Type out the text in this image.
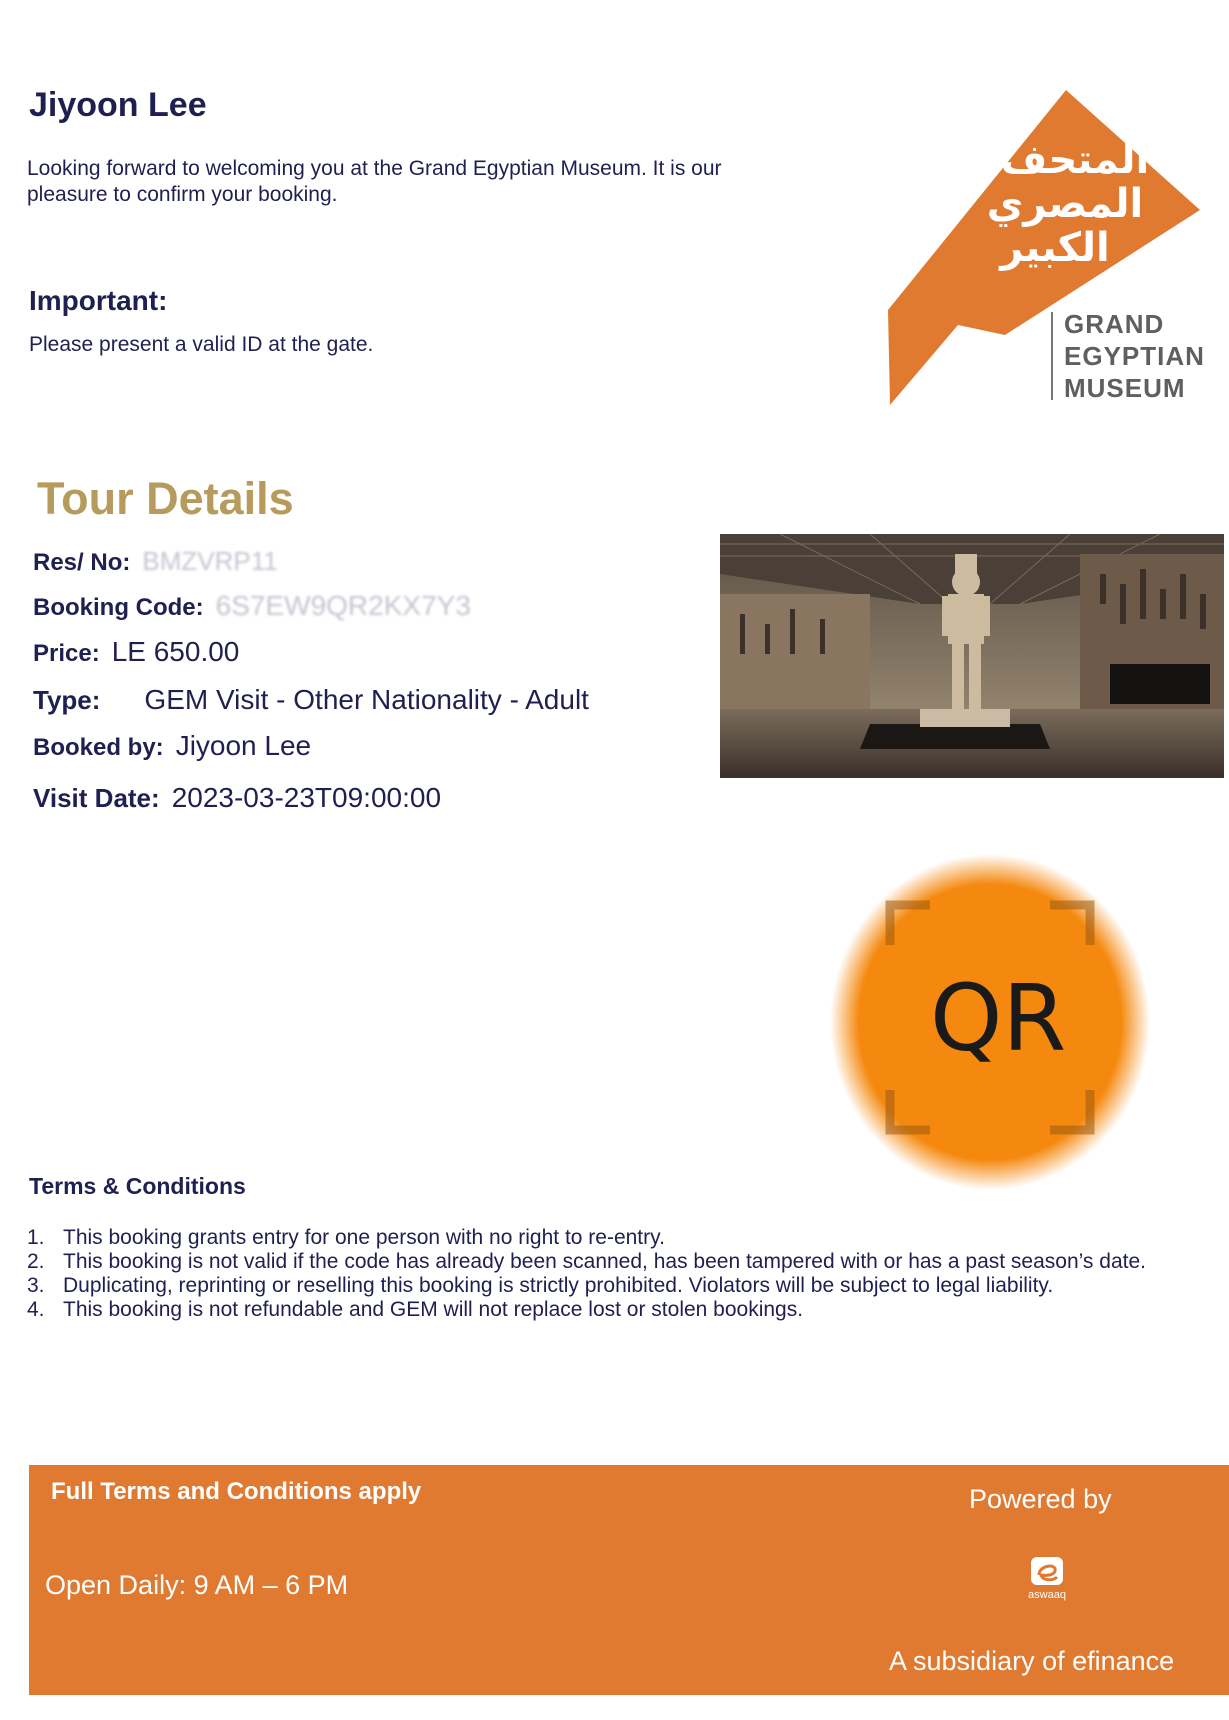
Jiyoon Lee
Looking forward to welcoming you at the Grand Egyptian Museum. It is our
pleasure to confirm your booking.
Important:
Please present a valid ID at the gate.
المتحف
المصري
الكبير
GRAND
EGYPTIAN
MUSEUM
Tour Details
Res/ No: BMZVRP11
Booking Code: 6S7EW9QR2KX7Y3
Price: LE 650.00
Type: GEM Visit - Other Nationality - Adult
Booked by: Jiyoon Lee
Visit Date: 2023-03-23T09:00:00
QR
Terms & Conditions
1. This booking grants entry for one person with no right to re-entry.
2. This booking is not valid if the code has already been scanned, has been tampered with or has a past season’s date.
3. Duplicating, reprinting or reselling this booking is strictly prohibited. Violators will be subject to legal liability.
4. This booking is not refundable and GEM will not replace lost or stolen bookings.
Full Terms and Conditions apply
Open Daily: 9 AM – 6 PM
Powered by
aswaaq
A subsidiary of efinance
